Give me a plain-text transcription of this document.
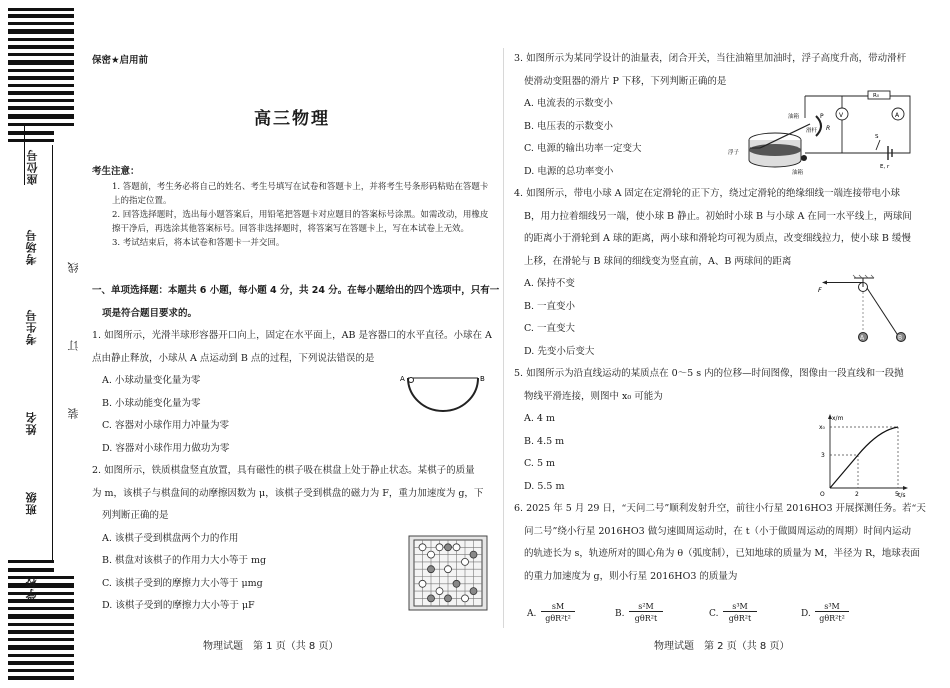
座位号
考场号
考生号
姓名
班级
学校
线
订
装
保密★启用前
高三物理
考生注意：
1. 答题前，考生务必将自己的姓名、考生号填写在试卷和答题卡上，并将考生号条形码粘贴在答题卡上的指定位置。
2. 回答选择题时，选出每小题答案后，用铅笔把答题卡对应题目的答案标号涂黑。如需改动，用橡皮擦干净后，再选涂其他答案标号。回答非选择题时，将答案写在答题卡上，写在本试卷上无效。
3. 考试结束后，将本试卷和答题卡一并交回。

一、单项选择题：本题共 6 小题，每小题 4 分，共 24 分。在每小题给出的四个选项中，只有一

项是符合题目要求的。

1. 如图所示，光滑半球形容器开口向上，固定在水平面上，AB 是容器口的水平直径。小球在 A

点由静止释放，小球从 A 点运动到 B 点的过程，下列说法错误的是

A. 小球动量变化量为零

B. 小球动能变化量为零

C. 容器对小球作用力冲量为零

D. 容器对小球作用力做功为零

2. 如图所示，铁质棋盘竖直放置，具有磁性的棋子吸在棋盘上处于静止状态。某棋子的质量

为 m，该棋子与棋盘间的动摩擦因数为 μ，该棋子受到棋盘的磁力为 F，重力加速度为 g，下

列判断正确的是

A. 该棋子受到棋盘两个力的作用

B. 棋盘对该棋子的作用力大小等于 mg

C. 该棋子受到的摩擦力大小等于 μmg

D. 该棋子受到的摩擦力大小等于 μF

A	B
物理试题　第 1 页（共 8 页）

3. 如图所示为某同学设计的油量表，闭合开关，当往油箱里加油时，浮子高度升高，带动滑杆

使滑动变阻器的滑片 P 下移，下列判断正确的是

A. 电流表的示数变小

B. 电压表的示数变小

C. 电源的输出功率一定变大

D. 电源的总功率变小

4. 如图所示，带电小球 A 固定在定滑轮的正下方，绕过定滑轮的绝缘细线一端连接带电小球

B，用力拉着细线另一端，使小球 B 静止。初始时小球 B 与小球 A 在同一水平线上，两球间

的距离小于滑轮到 A 球的距离，两小球和滑轮均可视为质点，改变细线拉力，使小球 B 缓慢

上移，在滑轮与 B 球间的细线变为竖直前，A、B 两球间的距离

A. 保持不变

B. 一直变小

C. 一直变大

D. 先变小后变大

5. 如图所示为沿直线运动的某质点在 0～5 s 内的位移—时间图像，图像由一段直线和一段抛

物线平滑连接，则图中 x₀ 可能为

A. 4 m

B. 4.5 m

C. 5 m

D. 5.5 m

6. 2025 年 5 月 29 日，“天问二号”顺利发射升空，前往小行星 2016HO3 开展探测任务。若“天

问二号”绕小行星 2016HO3 做匀速圆周运动时，在 t（小于做圆周运动的周期）时间内运动

的轨迹长为 s，轨迹所对的圆心角为 θ（弧度制），已知地球的质量为 M，半径为 R，地球表面

的重力加速度为 g，则小行星 2016HO3 的质量为

A.
sM
gθR²t²	B.
s²M
gθR²t	C.
s³M
gθR²t	D.
s³M
gθR²t²
P
R
R₀
V	A
S
E, r
滑杆
油箱
浮子
油箱
F
A	B
x/m
t/s
O
x₀
3
2	5
物理试题　第 2 页（共 8 页）
